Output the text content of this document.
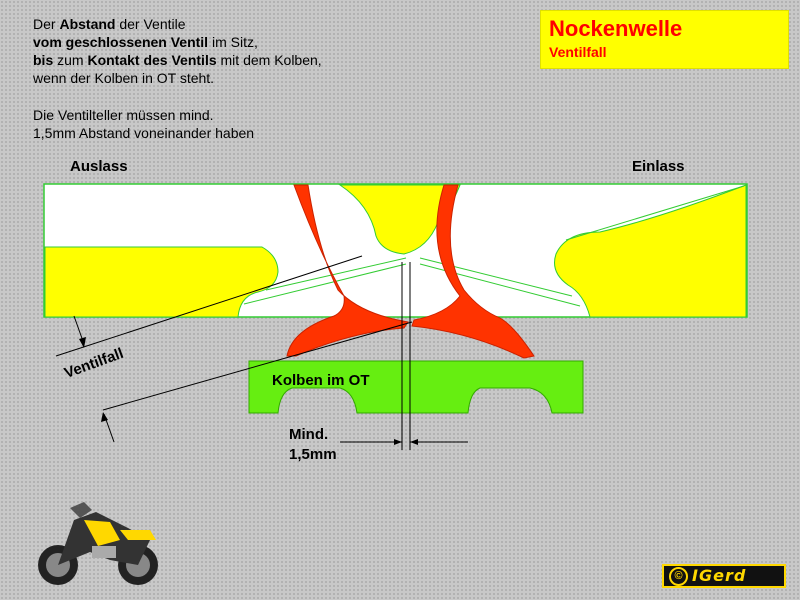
Der Abstand der Ventile
vom geschlossenen Ventil im Sitz,
bis zum Kontakt des Ventils mit dem Kolben,
wenn der Kolben in OT steht.
Die Ventilteller müssen mind.
1,5mm Abstand voneinander haben
Nockenwelle
Ventilfall
Auslass	Einlass
Kolben im OT
Mind.
1,5mm
Ventilfall
© IGerd
